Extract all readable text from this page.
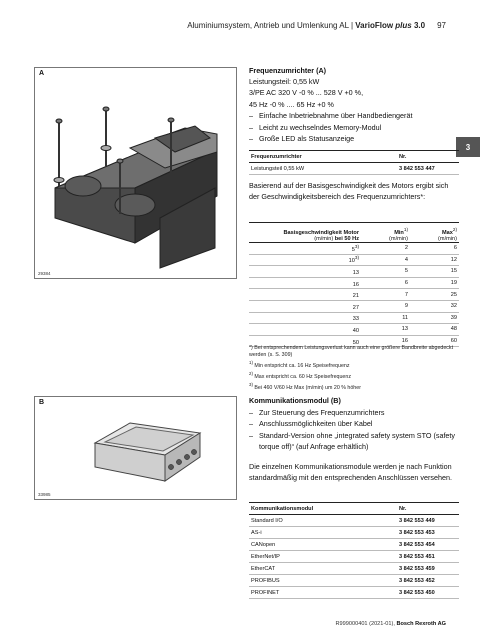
Aluminiumsystem, Antrieb und Umlenkung AL | VarioFlow plus 3.0 97
3
A
29384
B
33985
Frequenzumrichter (A)
Leistungsteil: 0,55 kW
3/PE AC 320 V -0 % ... 528 V +0 %,
45 Hz -0 % .... 65 Hz +0 %
– Einfache Inbetriebnahme über Handbediengerät
– Leicht zu wechselndes Memory-Modul
– Große LED als Statusanzeige
Frequenzumrichter	Nr.
Leistungsteil 0,55 kW	3 842 553 447
Basierend auf der Basisgeschwindigkeit des Motors ergibt sich der Geschwindigkeitsbereich des Frequenzumrichters*:
Basisgeschwindigkeit Motor
(m/min) bei 50 Hz	Min$^{1)}$
(m/min)	Max$^{2)}$
(m/min)
5$^{3)}$	2	6
10$^{3)}$	4	12
13	5	15
16	6	19
21	7	25
27	9	32
33	11	39
40	13	48
50	16	60
*) Bei entsprechendem Leistungsverlust kann auch eine größere Bandbreite abgedeckt werden (s. S. 309)
$^{1)}$ Min entspricht ca. 16 Hz Speisefrequenz
$^{2)}$ Max entspricht ca. 60 Hz Speisefrequenz
$^{3)}$ Bei 460 V/60 Hz Max (m/min) um 20 % höher
Kommunikationsmodul (B)
– Zur Steuerung des Frequenzumrichters
– Anschlussmöglichkeiten über Kabel
– Standard-Version ohne „integrated safety system STO (safety torque off)“ (auf Anfrage erhältlich)
Die einzelnen Kommunikationsmodule werden je nach Funktion standardmäßig mit den entsprechenden Anschlüssen versehen.
Kommunikationsmodul	Nr.
Standard I/O	3 842 553 449
AS-i	3 842 553 453
CANopen	3 842 553 454
EtherNet/IP	3 842 553 451
EtherCAT	3 842 553 459
PROFIBUS	3 842 553 452
PROFINET	3 842 553 450
R999000401 (2021-01), Bosch Rexroth AG
